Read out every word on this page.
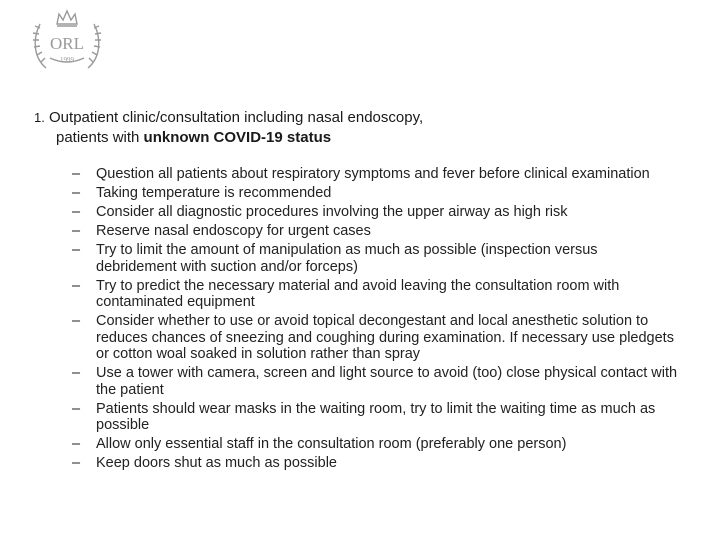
ORL
1999
1. Outpatient clinic/consultation including nasal endoscopy,
patients with unknown COVID-19 status
– Question all patients about respiratory symptoms and fever before clinical examination
– Taking temperature is recommended
– Consider all diagnostic procedures involving the upper airway as high risk
– Reserve nasal endoscopy for urgent cases
– Try to limit the amount of manipulation as much as possible (inspection versus debridement with suction and/or forceps)
– Try to predict the necessary material and avoid leaving the consultation room with contaminated equipment
– Consider whether to use or avoid topical decongestant and local anesthetic solution to reduces chances of sneezing and coughing during examination. If necessary use pledgets or cotton woal soaked in solution rather than spray
– Use a tower with camera, screen and light source to avoid (too) close physical contact with the patient
– Patients should wear masks in the waiting room, try to limit the waiting time as much as possible
– Allow only essential staff in the consultation room (preferably one person)
– Keep doors shut as much as possible
